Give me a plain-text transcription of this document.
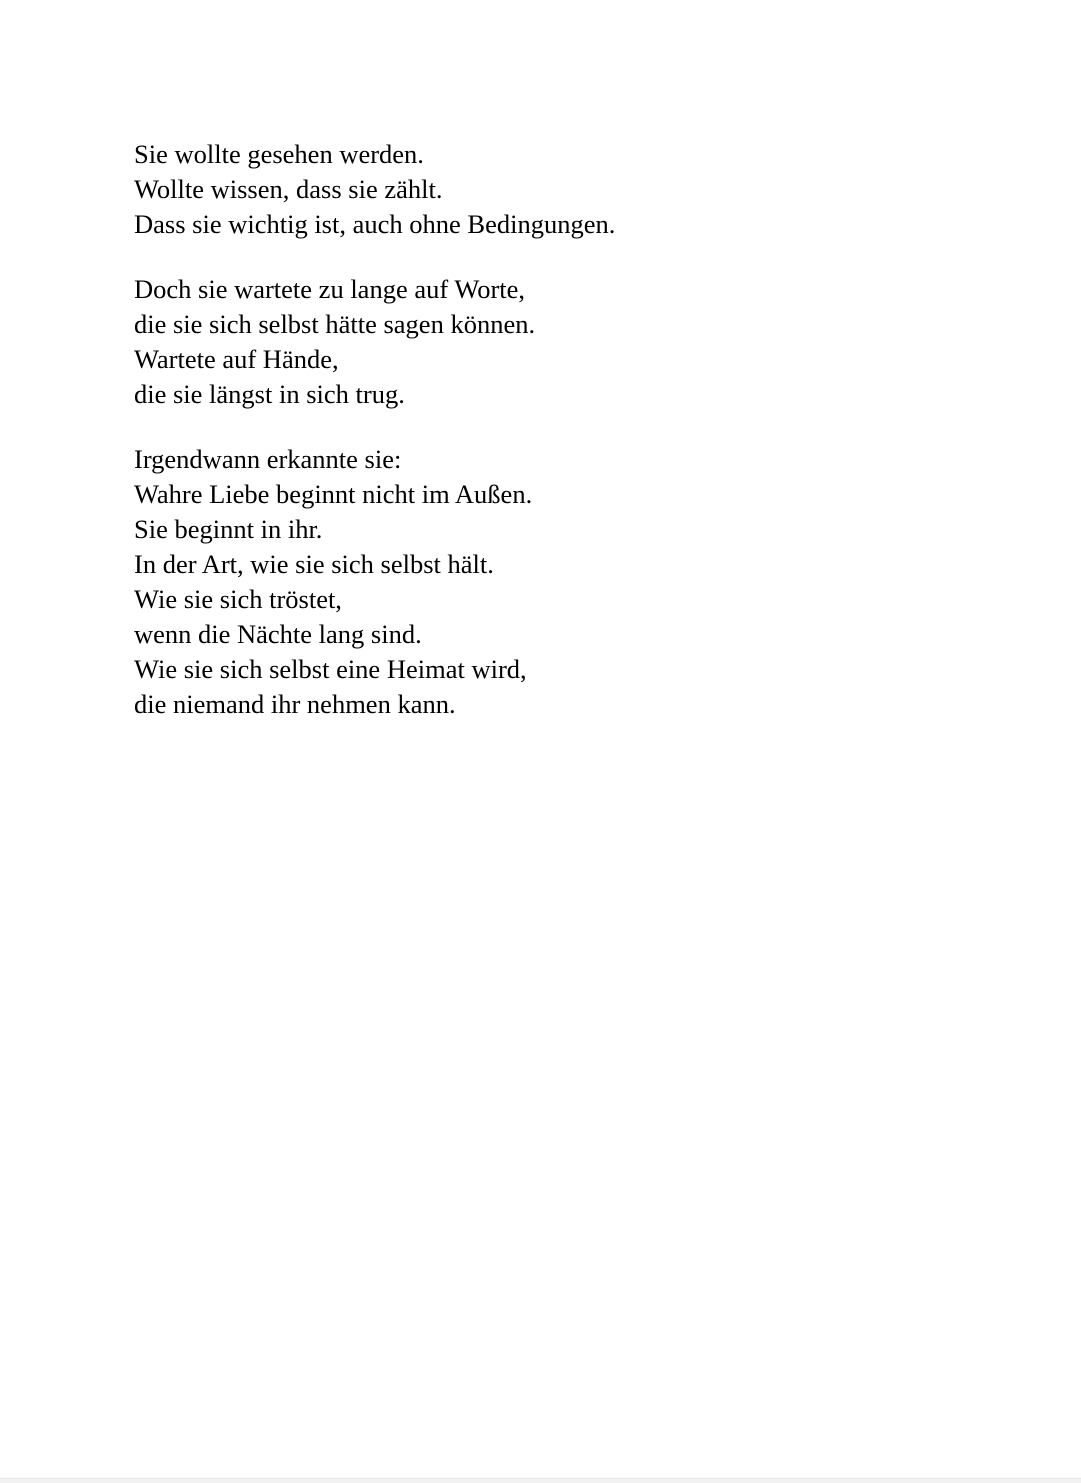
Sie wollte gesehen werden.
Wollte wissen, dass sie zählt.
Dass sie wichtig ist, auch ohne Bedingungen.
Doch sie wartete zu lange auf Worte,
die sie sich selbst hätte sagen können.
Wartete auf Hände,
die sie längst in sich trug.
Irgendwann erkannte sie:
Wahre Liebe beginnt nicht im Außen.
Sie beginnt in ihr.
In der Art, wie sie sich selbst hält.
Wie sie sich tröstet,
wenn die Nächte lang sind.
Wie sie sich selbst eine Heimat wird,
die niemand ihr nehmen kann.
